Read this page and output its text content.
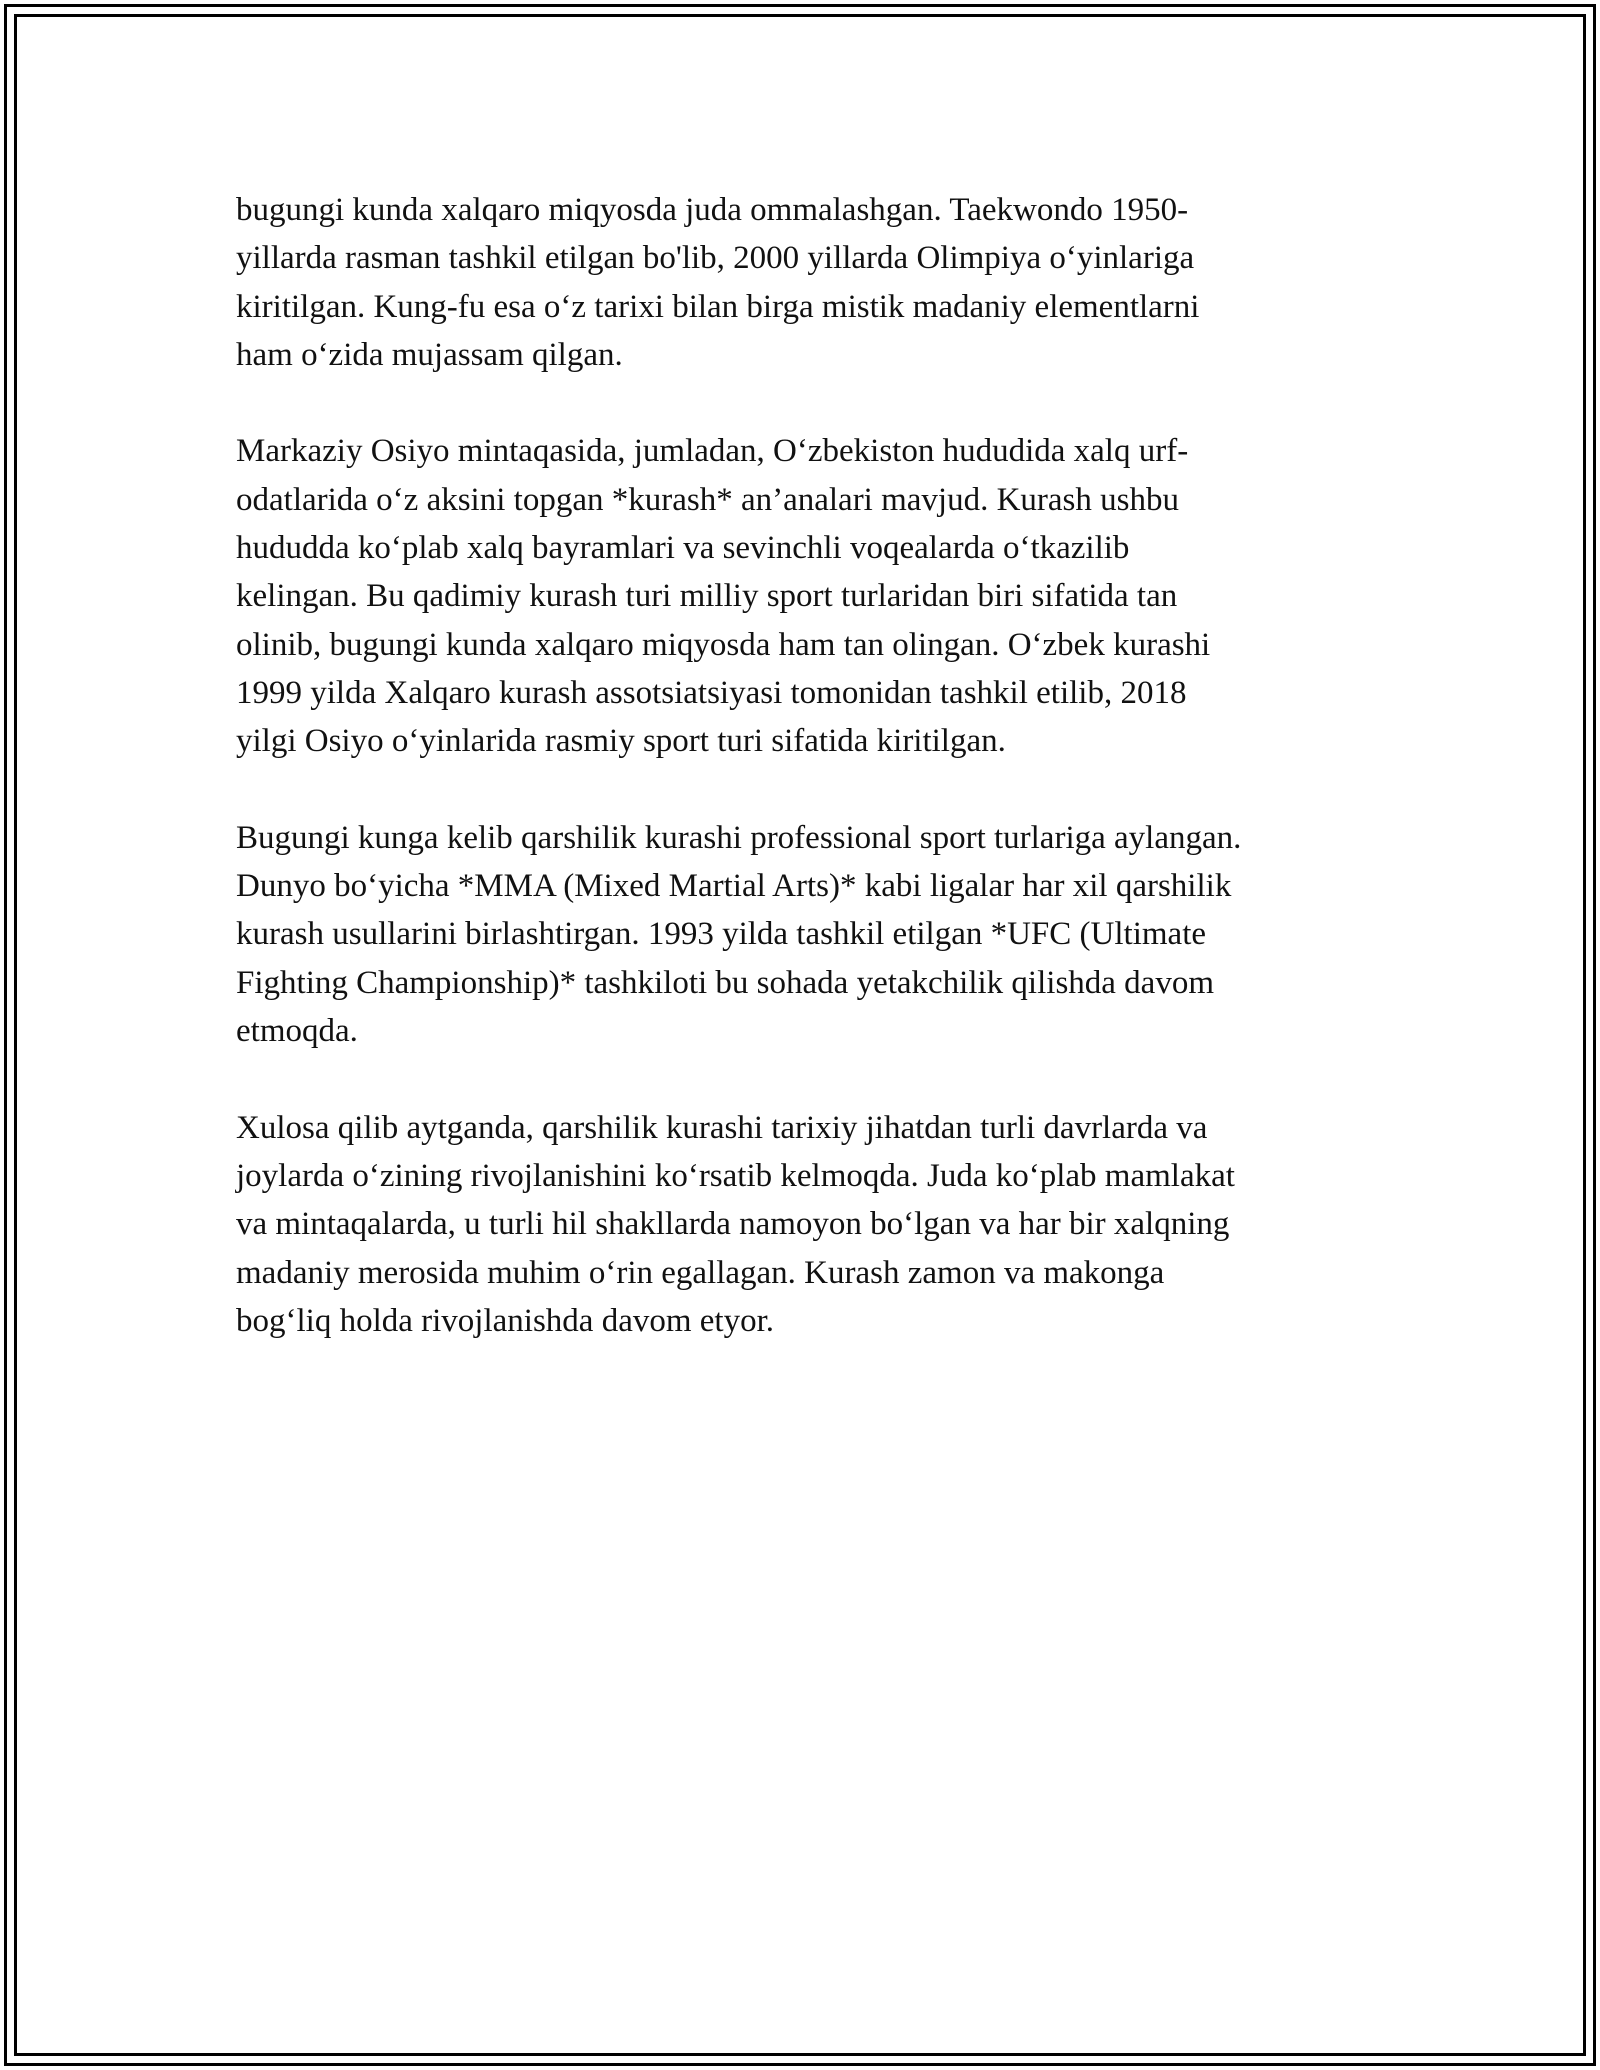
bugungi kunda xalqaro miqyosda juda ommalashgan. Taekwondo 1950-
yillarda rasman tashkil etilgan bo'lib, 2000 yillarda Olimpiya o‘yinlariga
kiritilgan. Kung-fu esa o‘z tarixi bilan birga mistik madaniy elementlarni
ham o‘zida mujassam qilgan.

Markaziy Osiyo mintaqasida, jumladan, O‘zbekiston hududida xalq urf-
odatlarida o‘z aksini topgan *kurash* an’analari mavjud. Kurash ushbu
hududda ko‘plab xalq bayramlari va sevinchli voqealarda o‘tkazilib
kelingan. Bu qadimiy kurash turi milliy sport turlaridan biri sifatida tan
olinib, bugungi kunda xalqaro miqyosda ham tan olingan. O‘zbek kurashi
1999 yilda Xalqaro kurash assotsiatsiyasi tomonidan tashkil etilib, 2018
yilgi Osiyo o‘yinlarida rasmiy sport turi sifatida kiritilgan.

Bugungi kunga kelib qarshilik kurashi professional sport turlariga aylangan.
Dunyo bo‘yicha *MMA (Mixed Martial Arts)* kabi ligalar har xil qarshilik
kurash usullarini birlashtirgan. 1993 yilda tashkil etilgan *UFC (Ultimate
Fighting Championship)* tashkiloti bu sohada yetakchilik qilishda davom
etmoqda.

Xulosa qilib aytganda, qarshilik kurashi tarixiy jihatdan turli davrlarda va
joylarda o‘zining rivojlanishini ko‘rsatib kelmoqda. Juda ko‘plab mamlakat
va mintaqalarda, u turli hil shakllarda namoyon bo‘lgan va har bir xalqning
madaniy merosida muhim o‘rin egallagan. Kurash zamon va makonga
bog‘liq holda rivojlanishda davom etyor.
